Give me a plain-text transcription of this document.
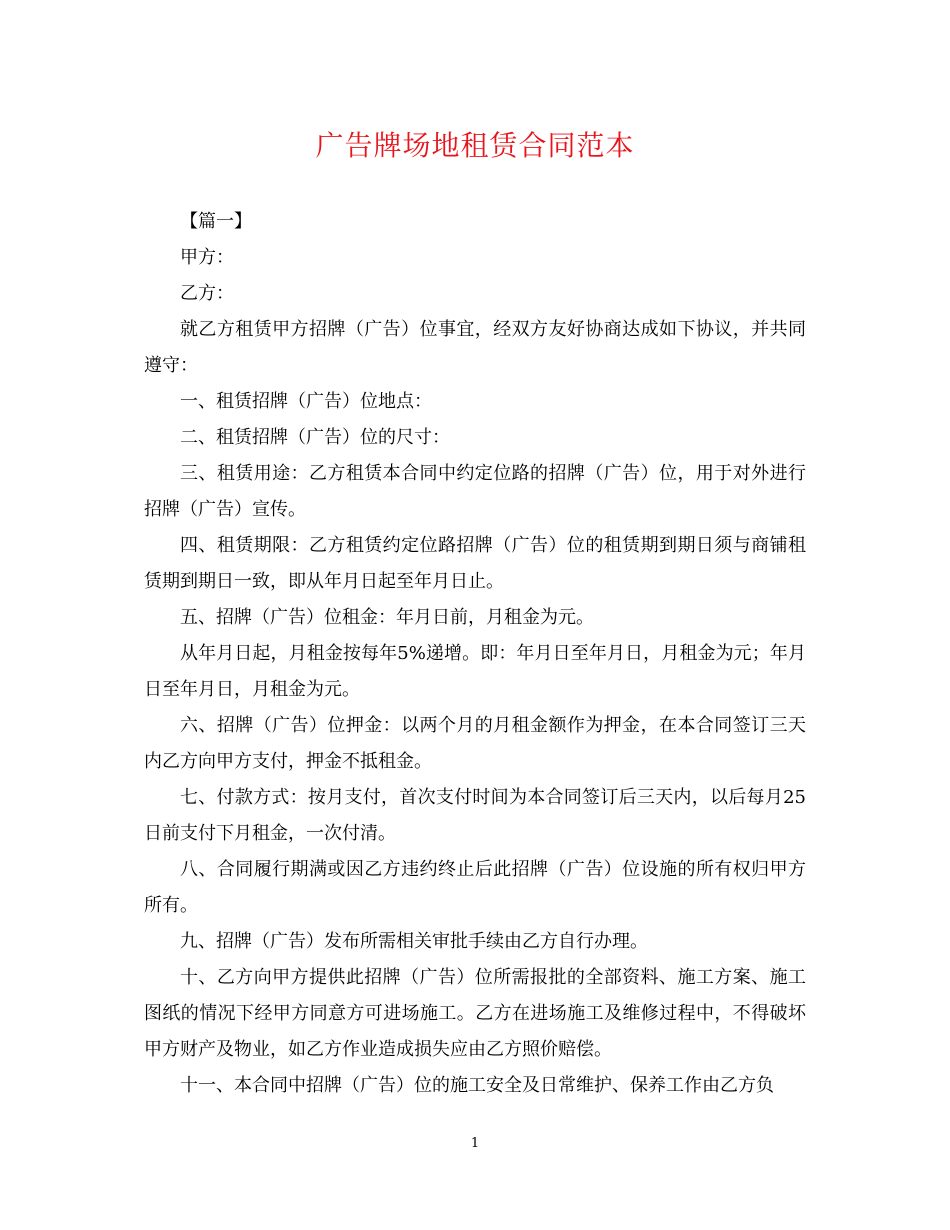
广告牌场地租赁合同范本

【篇一】

甲方：

乙方：

就乙方租赁甲方招牌（广告）位事宜，经双方友好协商达成如下协议，并共同遵守：

一、租赁招牌（广告）位地点：

二、租赁招牌（广告）位的尺寸：

三、租赁用途：乙方租赁本合同中约定位路的招牌（广告）位，用于对外进行招牌（广告）宣传。

四、租赁期限：乙方租赁约定位路招牌（广告）位的租赁期到期日须与商铺租赁期到期日一致，即从年月日起至年月日止。

五、招牌（广告）位租金：年月日前，月租金为元。

从年月日起，月租金按每年5%递增。即：年月日至年月日，月租金为元；年月日至年月日，月租金为元。

六、招牌（广告）位押金：以两个月的月租金额作为押金，在本合同签订三天内乙方向甲方支付，押金不抵租金。

七、付款方式：按月支付，首次支付时间为本合同签订后三天内，以后每月25日前支付下月租金，一次付清。

八、合同履行期满或因乙方违约终止后此招牌（广告）位设施的所有权归甲方所有。

九、招牌（广告）发布所需相关审批手续由乙方自行办理。

十、乙方向甲方提供此招牌（广告）位所需报批的全部资料、施工方案、施工图纸的情况下经甲方同意方可进场施工。乙方在进场施工及维修过程中，不得破坏甲方财产及物业，如乙方作业造成损失应由乙方照价赔偿。

十一、本合同中招牌（广告）位的施工安全及日常维护、保养工作由乙方负

1
